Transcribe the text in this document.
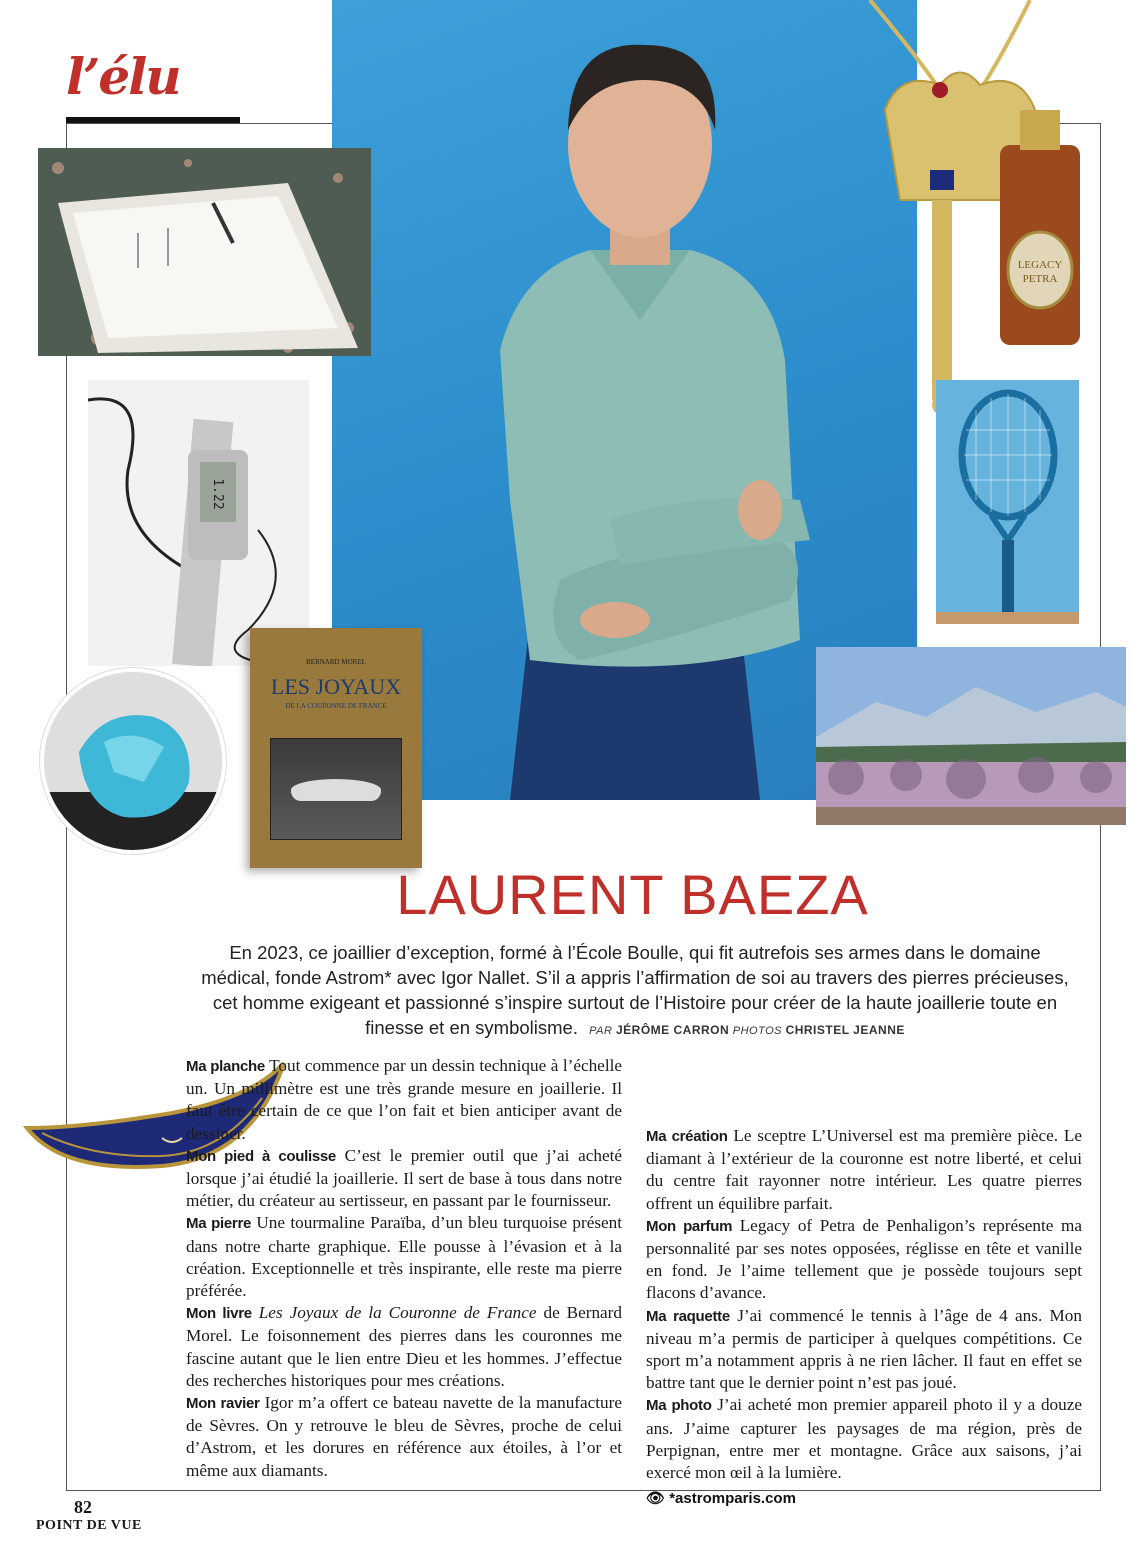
l’élu
1.22
BERNARD MOREL
LES JOYAUX
DE LA COURONNE DE FRANCE
LEGACY
PETRA
LAURENT BAEZA
En 2023, ce joaillier d’exception, formé à l’École Boulle, qui fit autrefois ses armes dans le domaine médical, fonde Astrom* avec Igor Nallet. S’il a appris l’affirmation de soi au travers des pierres précieuses, cet homme exigeant et passionné s’inspire surtout de l’Histoire pour créer de la haute joaillerie toute en finesse et en symbolisme. PAR JÉRÔME CARRON PHOTOS CHRISTEL JEANNE

Ma planche Tout commence par un dessin technique à l’échelle un. Un millimètre est une très grande mesure en joaillerie. Il faut être certain de ce que l’on fait et bien anticiper avant de dessiner.

Mon pied à coulisse C’est le premier outil que j’ai acheté lorsque j’ai étudié la joaillerie. Il sert de base à tous dans notre métier, du créateur au sertisseur, en passant par le fournisseur.

Ma pierre Une tourmaline Paraïba, d’un bleu turquoise présent dans notre charte graphique. Elle pousse à l’évasion et à la création. Exceptionnelle et très inspirante, elle reste ma pierre préférée.

Mon livre Les Joyaux de la Couronne de France de Bernard Morel. Le foisonnement des pierres dans les couronnes me fascine autant que le lien entre Dieu et les hommes. J’effectue des recherches historiques pour mes créations.

Mon ravier Igor m’a offert ce bateau navette de la manufacture de Sèvres. On y retrouve le bleu de Sèvres, proche de celui d’Astrom, et les dorures en référence aux étoiles, à l’or et même aux diamants.

Ma création Le sceptre L’Universel est ma première pièce. Le diamant à l’extérieur de la couronne est notre liberté, et celui du centre fait rayonner notre intérieur. Les quatre pierres offrent un équilibre parfait.

Mon parfum Legacy of Petra de Penhaligon’s représente ma personnalité par ses notes opposées, réglisse en tête et vanille en fond. Je l’aime tellement que je possède toujours sept flacons d’avance.

Ma raquette J’ai commencé le tennis à l’âge de 4 ans. Mon niveau m’a permis de participer à quelques compétitions. Ce sport m’a notamment appris à ne rien lâcher. Il faut en effet se battre tant que le dernier point n’est pas joué.

Ma photo J’ai acheté mon premier appareil photo il y a douze ans. J’aime capturer les paysages de ma région, près de Perpignan, entre mer et montagne. Grâce aux saisons, j’ai exercé mon œil à la lumière.

👁 *astromparis.com
82
POINT DE VUE
